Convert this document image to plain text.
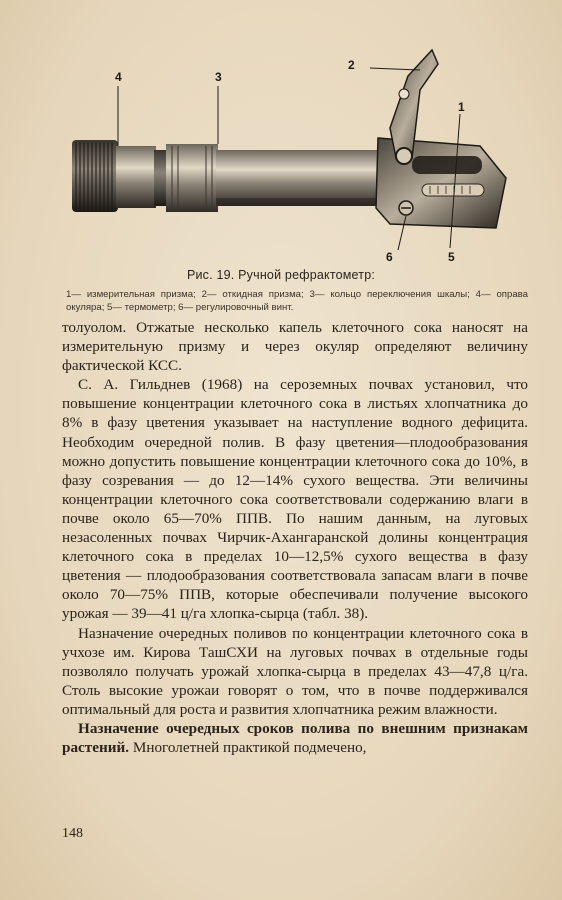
4	3
2
1
6	5
Рис. 19. Ручной рефрактометр:
1— измерительная призма; 2— откидная призма; 3— кольцо переключения шкалы; 4— оправа окуляра; 5— термометр; 6— регулировочный винт.

толуолом. Отжатые несколько капель клеточного сока наносят на измерительную призму и через окуляр определяют величину фактической КСС.

С. А. Гильднев (1968) на сероземных почвах установил, что повышение концентрации клеточного сока в листьях хлопчатника до 8% в фазу цветения указывает на наступление водного дефицита. Необходим очередной полив. В фазу цветения—плодообразования можно допустить повышение концентрации клеточного сока до 10%, в фазу созревания — до 12—14% сухого вещества. Эти величины концентрации клеточного сока соответствовали содержанию влаги в почве около 65—70% ППВ. По нашим данным, на луговых незасоленных почвах Чирчик-Ахангаранской долины концентрация клеточного сока в пределах 10—12,5% сухого вещества в фазу цветения — плодообразования соответствовала запасам влаги в почве около 70—75% ППВ, которые обеспечивали получение высокого урожая — 39—41 ц/га хлопка-сырца (табл. 38).

Назначение очередных поливов по концентрации клеточного сока в учхозе им. Кирова ТашСХИ на луговых почвах в отдельные годы позволяло получать урожай хлопка-сырца в пределах 43—47,8 ц/га. Столь высокие урожаи говорят о том, что в почве поддерживался оптимальный для роста и развития хлопчатника режим влажности.

Назначение очередных сроков полива по внешним признакам растений. Многолетней практикой подмечено,

148
